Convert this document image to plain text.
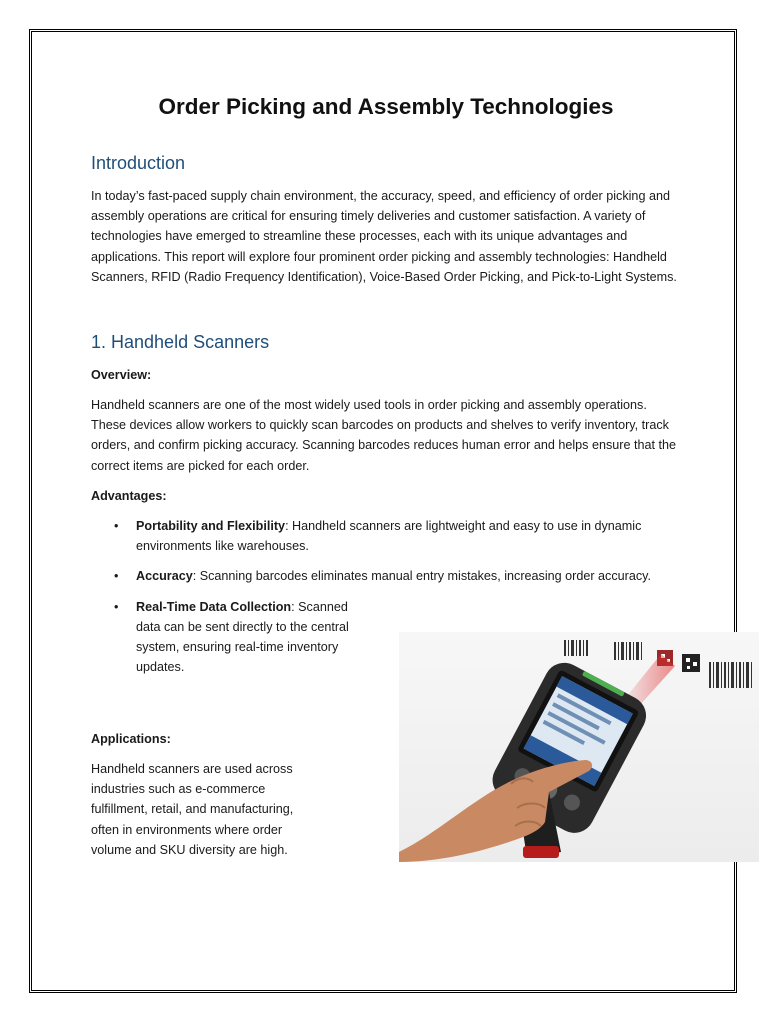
Order Picking and Assembly Technologies
Introduction

In today’s fast-paced supply chain environment, the accuracy, speed, and efficiency of order picking and assembly operations are critical for ensuring timely deliveries and customer satisfaction. A variety of technologies have emerged to streamline these processes, each with its unique advantages and applications. This report will explore four prominent order picking and assembly technologies: Handheld Scanners, RFID (Radio Frequency Identification), Voice-Based Order Picking, and Pick-to-Light Systems.

1. Handheld Scanners
Overview:

Handheld scanners are one of the most widely used tools in order picking and assembly operations. These devices allow workers to quickly scan barcodes on products and shelves to verify inventory, track orders, and confirm picking accuracy. Scanning barcodes reduces human error and helps ensure that the correct items are picked for each order.

Advantages:
• Portability and Flexibility: Handheld scanners are lightweight and easy to use in dynamic environments like warehouses.
• Accuracy: Scanning barcodes eliminates manual entry mistakes, increasing order accuracy.
• Real-Time Data Collection: Scanned data can be sent directly to the central system, ensuring real-time inventory updates.
Applications:

Handheld scanners are used across industries such as e-commerce fulfillment, retail, and manufacturing, often in environments where order volume and SKU diversity are high.
